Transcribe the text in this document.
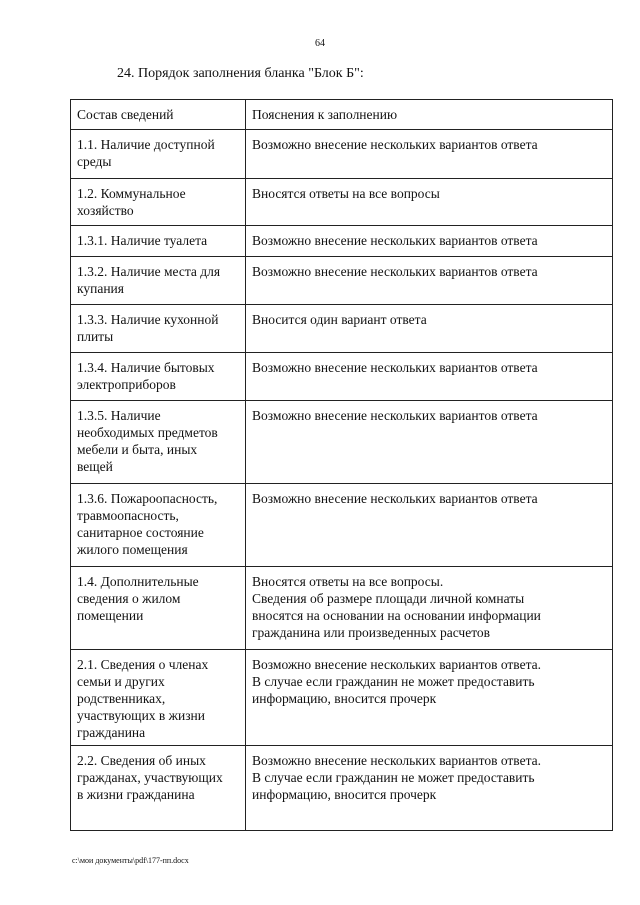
64
24. Порядок заполнения бланка "Блок Б":
Состав сведений	Пояснения к заполнению
1.1. Наличие доступной
среды	Возможно внесение нескольких вариантов ответа
1.2. Коммунальное
хозяйство	Вносятся ответы на все вопросы
1.3.1. Наличие туалета	Возможно внесение нескольких вариантов ответа
1.3.2. Наличие места для
купания	Возможно внесение нескольких вариантов ответа
1.3.3. Наличие кухонной
плиты	Вносится один вариант ответа
1.3.4. Наличие бытовых
электроприборов	Возможно внесение нескольких вариантов ответа
1.3.5. Наличие
необходимых предметов
мебели и быта, иных
вещей	Возможно внесение нескольких вариантов ответа
1.3.6. Пожароопасность,
травмоопасность,
санитарное состояние
жилого помещения	Возможно внесение нескольких вариантов ответа
1.4. Дополнительные
сведения о жилом
помещении	Вносятся ответы на все вопросы.
Сведения об размере площади личной комнаты
вносятся на основании на основании информации
гражданина или произведенных расчетов
2.1. Сведения о членах
семьи и других
родственниках,
участвующих в жизни
гражданина	Возможно внесение нескольких вариантов ответа.
В случае если гражданин не может предоставить
информацию, вносится прочерк
2.2. Сведения об иных
гражданах, участвующих
в жизни гражданина	Возможно внесение нескольких вариантов ответа.
В случае если гражданин не может предоставить
информацию, вносится прочерк
c:\мои документы\pdf\177-пп.docx
